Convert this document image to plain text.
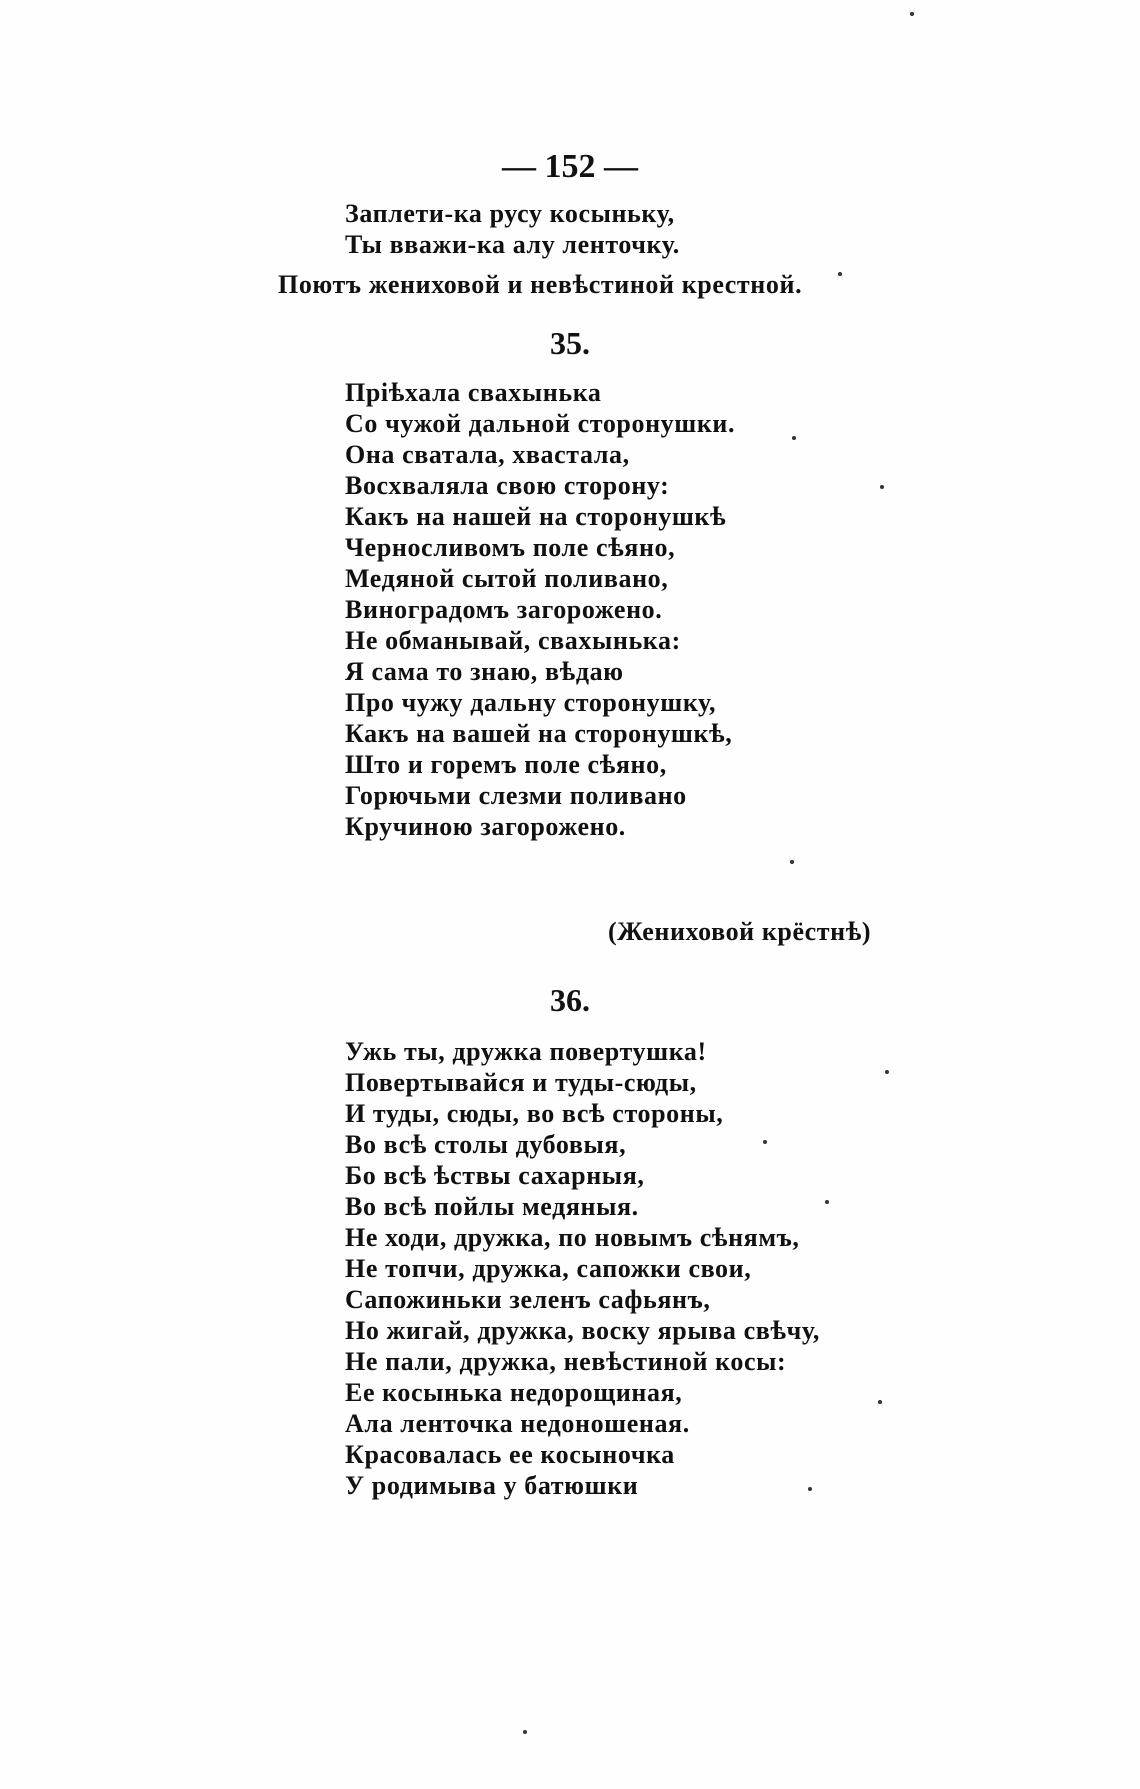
— 152 —
Заплети-ка русу косыньку,
Ты вважи-ка алу ленточку.
Поютъ жениховой и невѣстиной крестной.
35.
Пріѣхала свахынька
Со чужой дальной сторонушки.
Она сватала, хвастала,
Восхваляла свою сторону:
Какъ на нашей на сторонушкѣ
Черносливомъ поле сѣяно,
Медяной сытой поливано,
Виноградомъ загорожено.
Не обманывай, свахынька:
Я сама то знаю, вѣдаю
Про чужу дальну сторонушку,
Какъ на вашей на сторонушкѣ,
Што и горемъ поле сѣяно,
Горючьми слезми поливано
Кручиною загорожено.
(Жениховой крёстнѣ)
36.
Ужь ты, дружка повертушка!
Повертывайся и туды-сюды,
И туды, сюды, во всѣ стороны,
Во всѣ столы дубовыя,
Бо всѣ ѣствы сахарныя,
Во всѣ пойлы медяныя.
Не ходи, дружка, по новымъ сѣнямъ,
Не топчи, дружка, сапожки свои,
Сапожиньки зеленъ сафьянъ,
Но жигай, дружка, воску ярыва свѣчу,
Не пали, дружка, невѣстиной косы:
Ее косынька недорощиная,
Ала ленточка недоношеная.
Красовалась ее косыночка
У родимыва у батюшки
